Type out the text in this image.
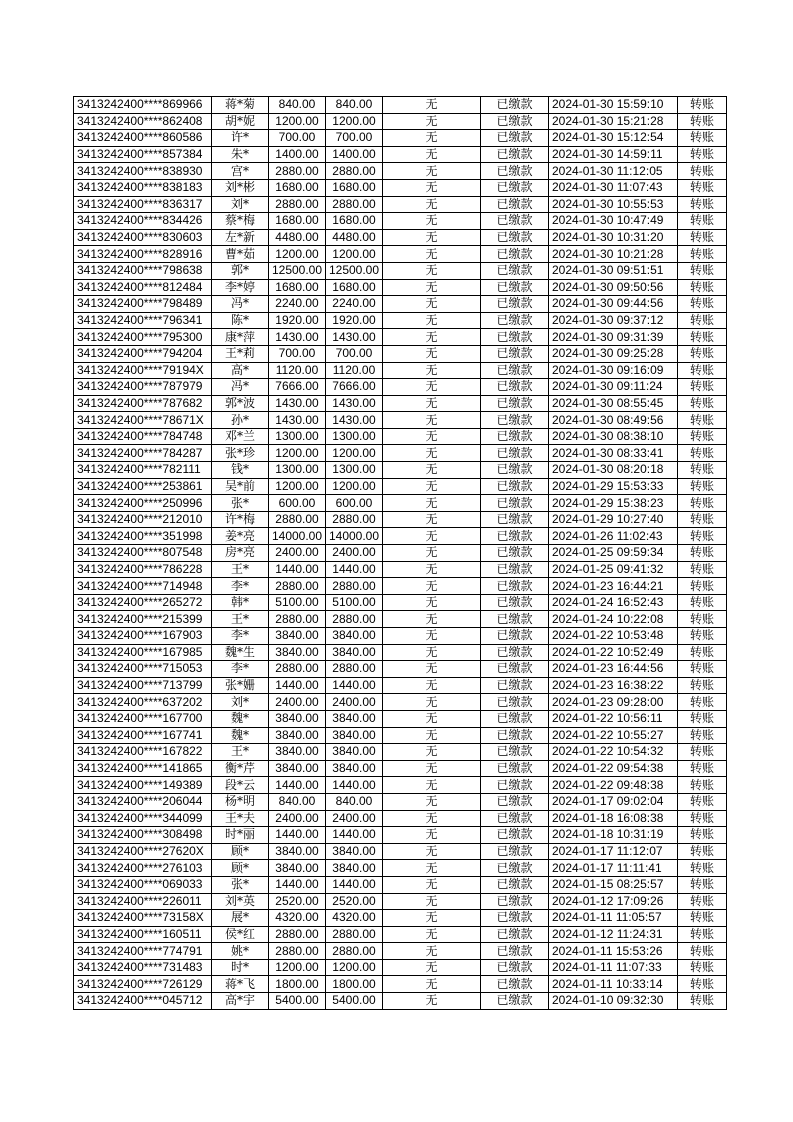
3413242400****869966	蒋*菊	840.00	840.00	无	已缴款	2024-01-30 15:59:10	转账
3413242400****862408	胡*妮	1200.00	1200.00	无	已缴款	2024-01-30 15:21:28	转账
3413242400****860586	许*	700.00	700.00	无	已缴款	2024-01-30 15:12:54	转账
3413242400****857384	朱*	1400.00	1400.00	无	已缴款	2024-01-30 14:59:11	转账
3413242400****838930	宫*	2880.00	2880.00	无	已缴款	2024-01-30 11:12:05	转账
3413242400****838183	刘*彬	1680.00	1680.00	无	已缴款	2024-01-30 11:07:43	转账
3413242400****836317	刘*	2880.00	2880.00	无	已缴款	2024-01-30 10:55:53	转账
3413242400****834426	蔡*梅	1680.00	1680.00	无	已缴款	2024-01-30 10:47:49	转账
3413242400****830603	左*新	4480.00	4480.00	无	已缴款	2024-01-30 10:31:20	转账
3413242400****828916	曹*茹	1200.00	1200.00	无	已缴款	2024-01-30 10:21:28	转账
3413242400****798638	郭*	12500.00	12500.00	无	已缴款	2024-01-30 09:51:51	转账
3413242400****812484	李*婷	1680.00	1680.00	无	已缴款	2024-01-30 09:50:56	转账
3413242400****798489	冯*	2240.00	2240.00	无	已缴款	2024-01-30 09:44:56	转账
3413242400****796341	陈*	1920.00	1920.00	无	已缴款	2024-01-30 09:37:12	转账
3413242400****795300	康*萍	1430.00	1430.00	无	已缴款	2024-01-30 09:31:39	转账
3413242400****794204	王*莉	700.00	700.00	无	已缴款	2024-01-30 09:25:28	转账
3413242400****79194X	高*	1120.00	1120.00	无	已缴款	2024-01-30 09:16:09	转账
3413242400****787979	冯*	7666.00	7666.00	无	已缴款	2024-01-30 09:11:24	转账
3413242400****787682	郭*波	1430.00	1430.00	无	已缴款	2024-01-30 08:55:45	转账
3413242400****78671X	孙*	1430.00	1430.00	无	已缴款	2024-01-30 08:49:56	转账
3413242400****784748	邓*兰	1300.00	1300.00	无	已缴款	2024-01-30 08:38:10	转账
3413242400****784287	张*珍	1200.00	1200.00	无	已缴款	2024-01-30 08:33:41	转账
3413242400****782111	钱*	1300.00	1300.00	无	已缴款	2024-01-30 08:20:18	转账
3413242400****253861	吴*前	1200.00	1200.00	无	已缴款	2024-01-29 15:53:33	转账
3413242400****250996	张*	600.00	600.00	无	已缴款	2024-01-29 15:38:23	转账
3413242400****212010	许*梅	2880.00	2880.00	无	已缴款	2024-01-29 10:27:40	转账
3413242400****351998	姜*亮	14000.00	14000.00	无	已缴款	2024-01-26 11:02:43	转账
3413242400****807548	房*亮	2400.00	2400.00	无	已缴款	2024-01-25 09:59:34	转账
3413242400****786228	王*	1440.00	1440.00	无	已缴款	2024-01-25 09:41:32	转账
3413242400****714948	李*	2880.00	2880.00	无	已缴款	2024-01-23 16:44:21	转账
3413242400****265272	韩*	5100.00	5100.00	无	已缴款	2024-01-24 16:52:43	转账
3413242400****215399	王*	2880.00	2880.00	无	已缴款	2024-01-24 10:22:08	转账
3413242400****167903	李*	3840.00	3840.00	无	已缴款	2024-01-22 10:53:48	转账
3413242400****167985	魏*生	3840.00	3840.00	无	已缴款	2024-01-22 10:52:49	转账
3413242400****715053	李*	2880.00	2880.00	无	已缴款	2024-01-23 16:44:56	转账
3413242400****713799	张*姗	1440.00	1440.00	无	已缴款	2024-01-23 16:38:22	转账
3413242400****637202	刘*	2400.00	2400.00	无	已缴款	2024-01-23 09:28:00	转账
3413242400****167700	魏*	3840.00	3840.00	无	已缴款	2024-01-22 10:56:11	转账
3413242400****167741	魏*	3840.00	3840.00	无	已缴款	2024-01-22 10:55:27	转账
3413242400****167822	王*	3840.00	3840.00	无	已缴款	2024-01-22 10:54:32	转账
3413242400****141865	衡*芹	3840.00	3840.00	无	已缴款	2024-01-22 09:54:38	转账
3413242400****149389	段*云	1440.00	1440.00	无	已缴款	2024-01-22 09:48:38	转账
3413242400****206044	杨*明	840.00	840.00	无	已缴款	2024-01-17 09:02:04	转账
3413242400****344099	王*夫	2400.00	2400.00	无	已缴款	2024-01-18 16:08:38	转账
3413242400****308498	时*丽	1440.00	1440.00	无	已缴款	2024-01-18 10:31:19	转账
3413242400****27620X	顾*	3840.00	3840.00	无	已缴款	2024-01-17 11:12:07	转账
3413242400****276103	顾*	3840.00	3840.00	无	已缴款	2024-01-17 11:11:41	转账
3413242400****069033	张*	1440.00	1440.00	无	已缴款	2024-01-15 08:25:57	转账
3413242400****226011	刘*英	2520.00	2520.00	无	已缴款	2024-01-12 17:09:26	转账
3413242400****73158X	展*	4320.00	4320.00	无	已缴款	2024-01-11 11:05:57	转账
3413242400****160511	侯*红	2880.00	2880.00	无	已缴款	2024-01-12 11:24:31	转账
3413242400****774791	姚*	2880.00	2880.00	无	已缴款	2024-01-11 15:53:26	转账
3413242400****731483	时*	1200.00	1200.00	无	已缴款	2024-01-11 11:07:33	转账
3413242400****726129	蒋*飞	1800.00	1800.00	无	已缴款	2024-01-11 10:33:14	转账
3413242400****045712	高*宇	5400.00	5400.00	无	已缴款	2024-01-10 09:32:30	转账
